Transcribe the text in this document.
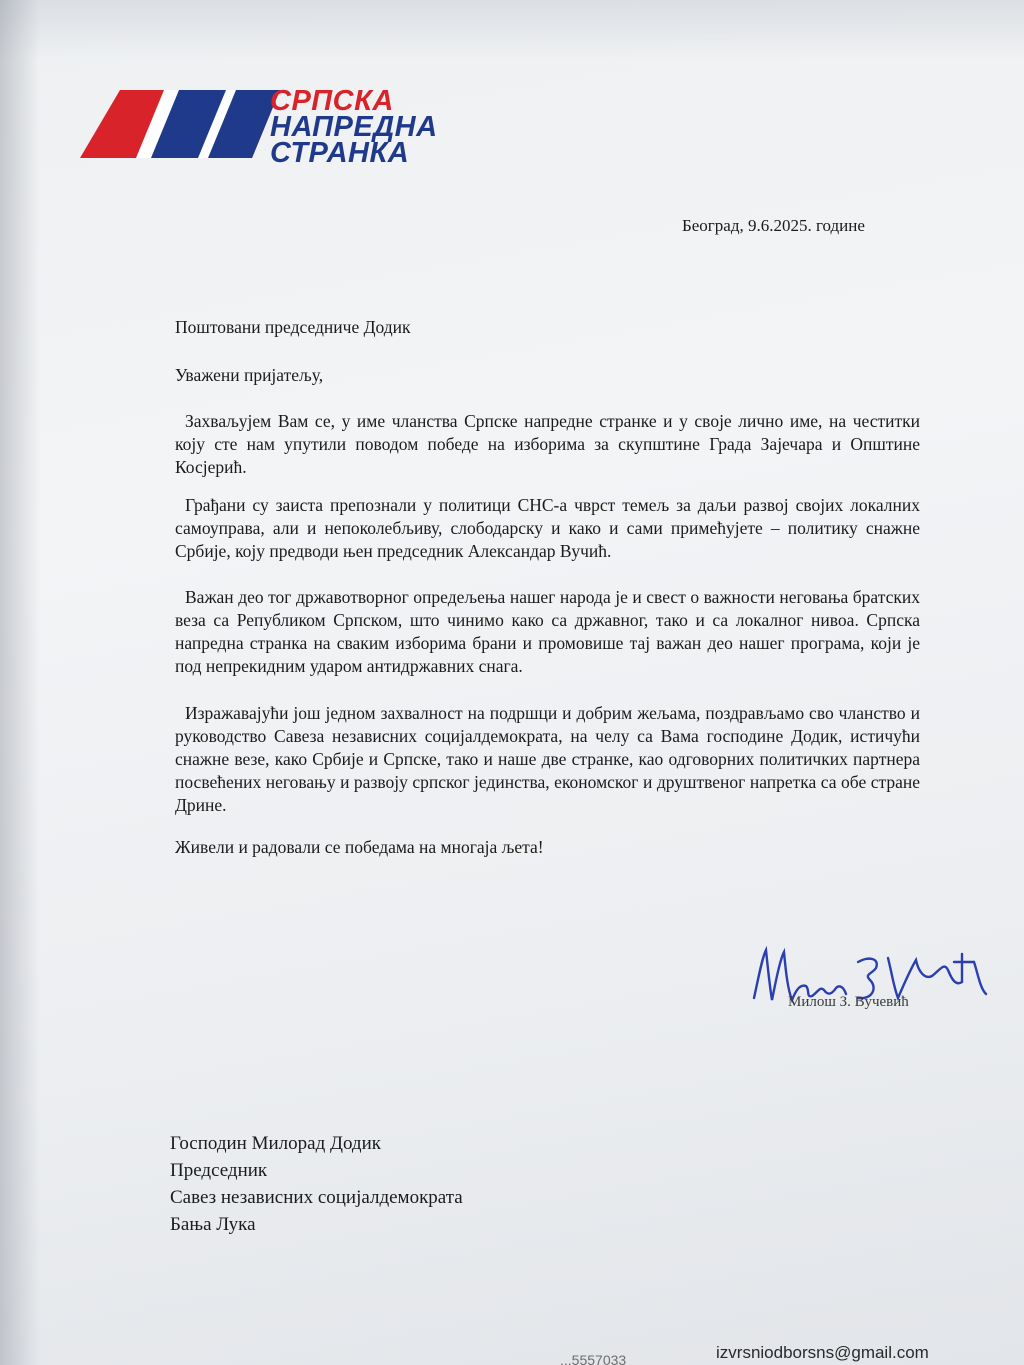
СРПСКА
НАПРЕДНА
СТРАНКА
Београд, 9.6.2025. године
Поштовани председниче Додик
Уважени пријатељу,
Захваљујем Вам се, у име чланства Српске напредне странке и у своје лично име, на честитки коју сте нам упутили поводом победе на изборима за скупштине Града Зајечара и Општине Косјерић.
Грађани су заиста препознали у политици СНС-а чврст темељ за даљи развој својих локалних самоуправа, али и непоколебљиву, слободарску и како и сами примећујете – политику снажне Србије, коју предводи њен председник Александар Вучић.
Важан део тог државотворног опредељења нашег народа је и свест о важности неговања братских веза са Републиком Српском, што чинимо како са државног, тако и са локалног нивоа. Српска напредна странка на сваким изборима брани и промовише тај важан део нашег програма, који је под непрекидним ударом антидржавних снага.
Изражавајући још једном захвалност на подршци и добрим жељама, поздрављамо сво чланство и руководство Савеза независних социјалдемократа, на челу са Вама господине Додик, истичући снажне везе, како Србије и Српске, тако и наше две странке, као одговорних политичких партнера посвећених неговању и развоју српског јединства, економског и друштвеног напретка са обе стране Дрине.
Живели и радовали се победама на многаја љета!
Милош З. Вучевић
Господин Милорад Додик
Председник
Савез независних социјалдемократа
Бања Лука
...5557033	izvrsniodborsns@gmail.com
